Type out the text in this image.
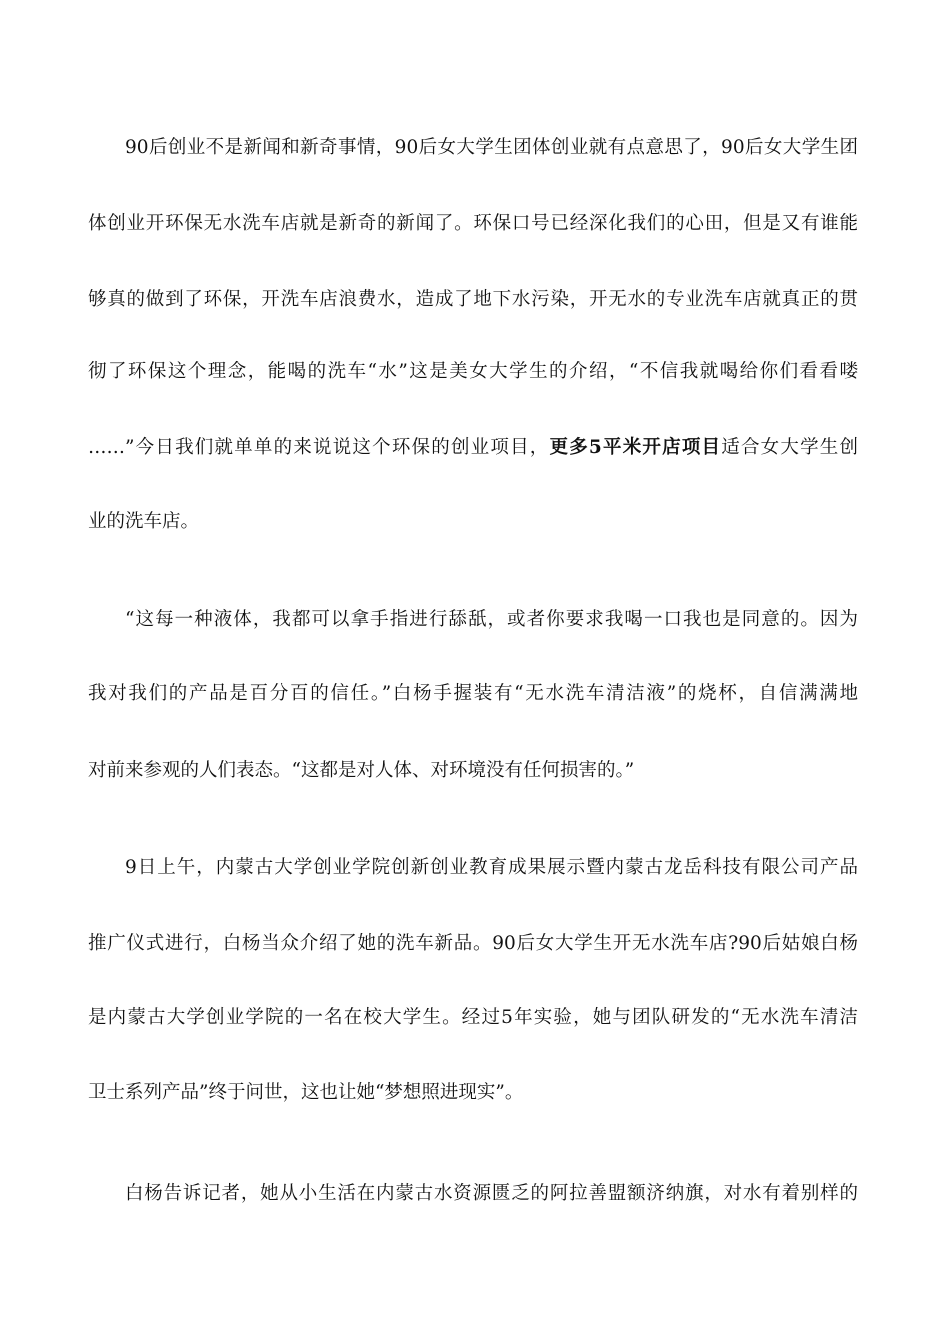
90后创业不是新闻和新奇事情，90后女大学生团体创业就有点意思了，90后女大学生团
体创业开环保无水洗车店就是新奇的新闻了。环保口号已经深化我们的心田，但是又有谁能
够真的做到了环保，开洗车店浪费水，造成了地下水污染，开无水的专业洗车店就真正的贯
彻了环保这个理念，能喝的洗车“水”这是美女大学生的介绍，“不信我就喝给你们看看喽
……”今日我们就单单的来说说这个环保的创业项目，更多5平米开店项目适合女大学生创
业的洗车店。
“这每一种液体，我都可以拿手指进行舔舐，或者你要求我喝一口我也是同意的。因为
我对我们的产品是百分百的信任。”白杨手握装有“无水洗车清洁液”的烧杯，自信满满地
对前来参观的人们表态。“这都是对人体、对环境没有任何损害的。”
9日上午，内蒙古大学创业学院创新创业教育成果展示暨内蒙古龙岳科技有限公司产品
推广仪式进行，白杨当众介绍了她的洗车新品。90后女大学生开无水洗车店?90后姑娘白杨
是内蒙古大学创业学院的一名在校大学生。经过5年实验，她与团队研发的“无水洗车清洁
卫士系列产品”终于问世，这也让她“梦想照进现实”。
白杨告诉记者，她从小生活在内蒙古水资源匮乏的阿拉善盟额济纳旗，对水有着别样的
